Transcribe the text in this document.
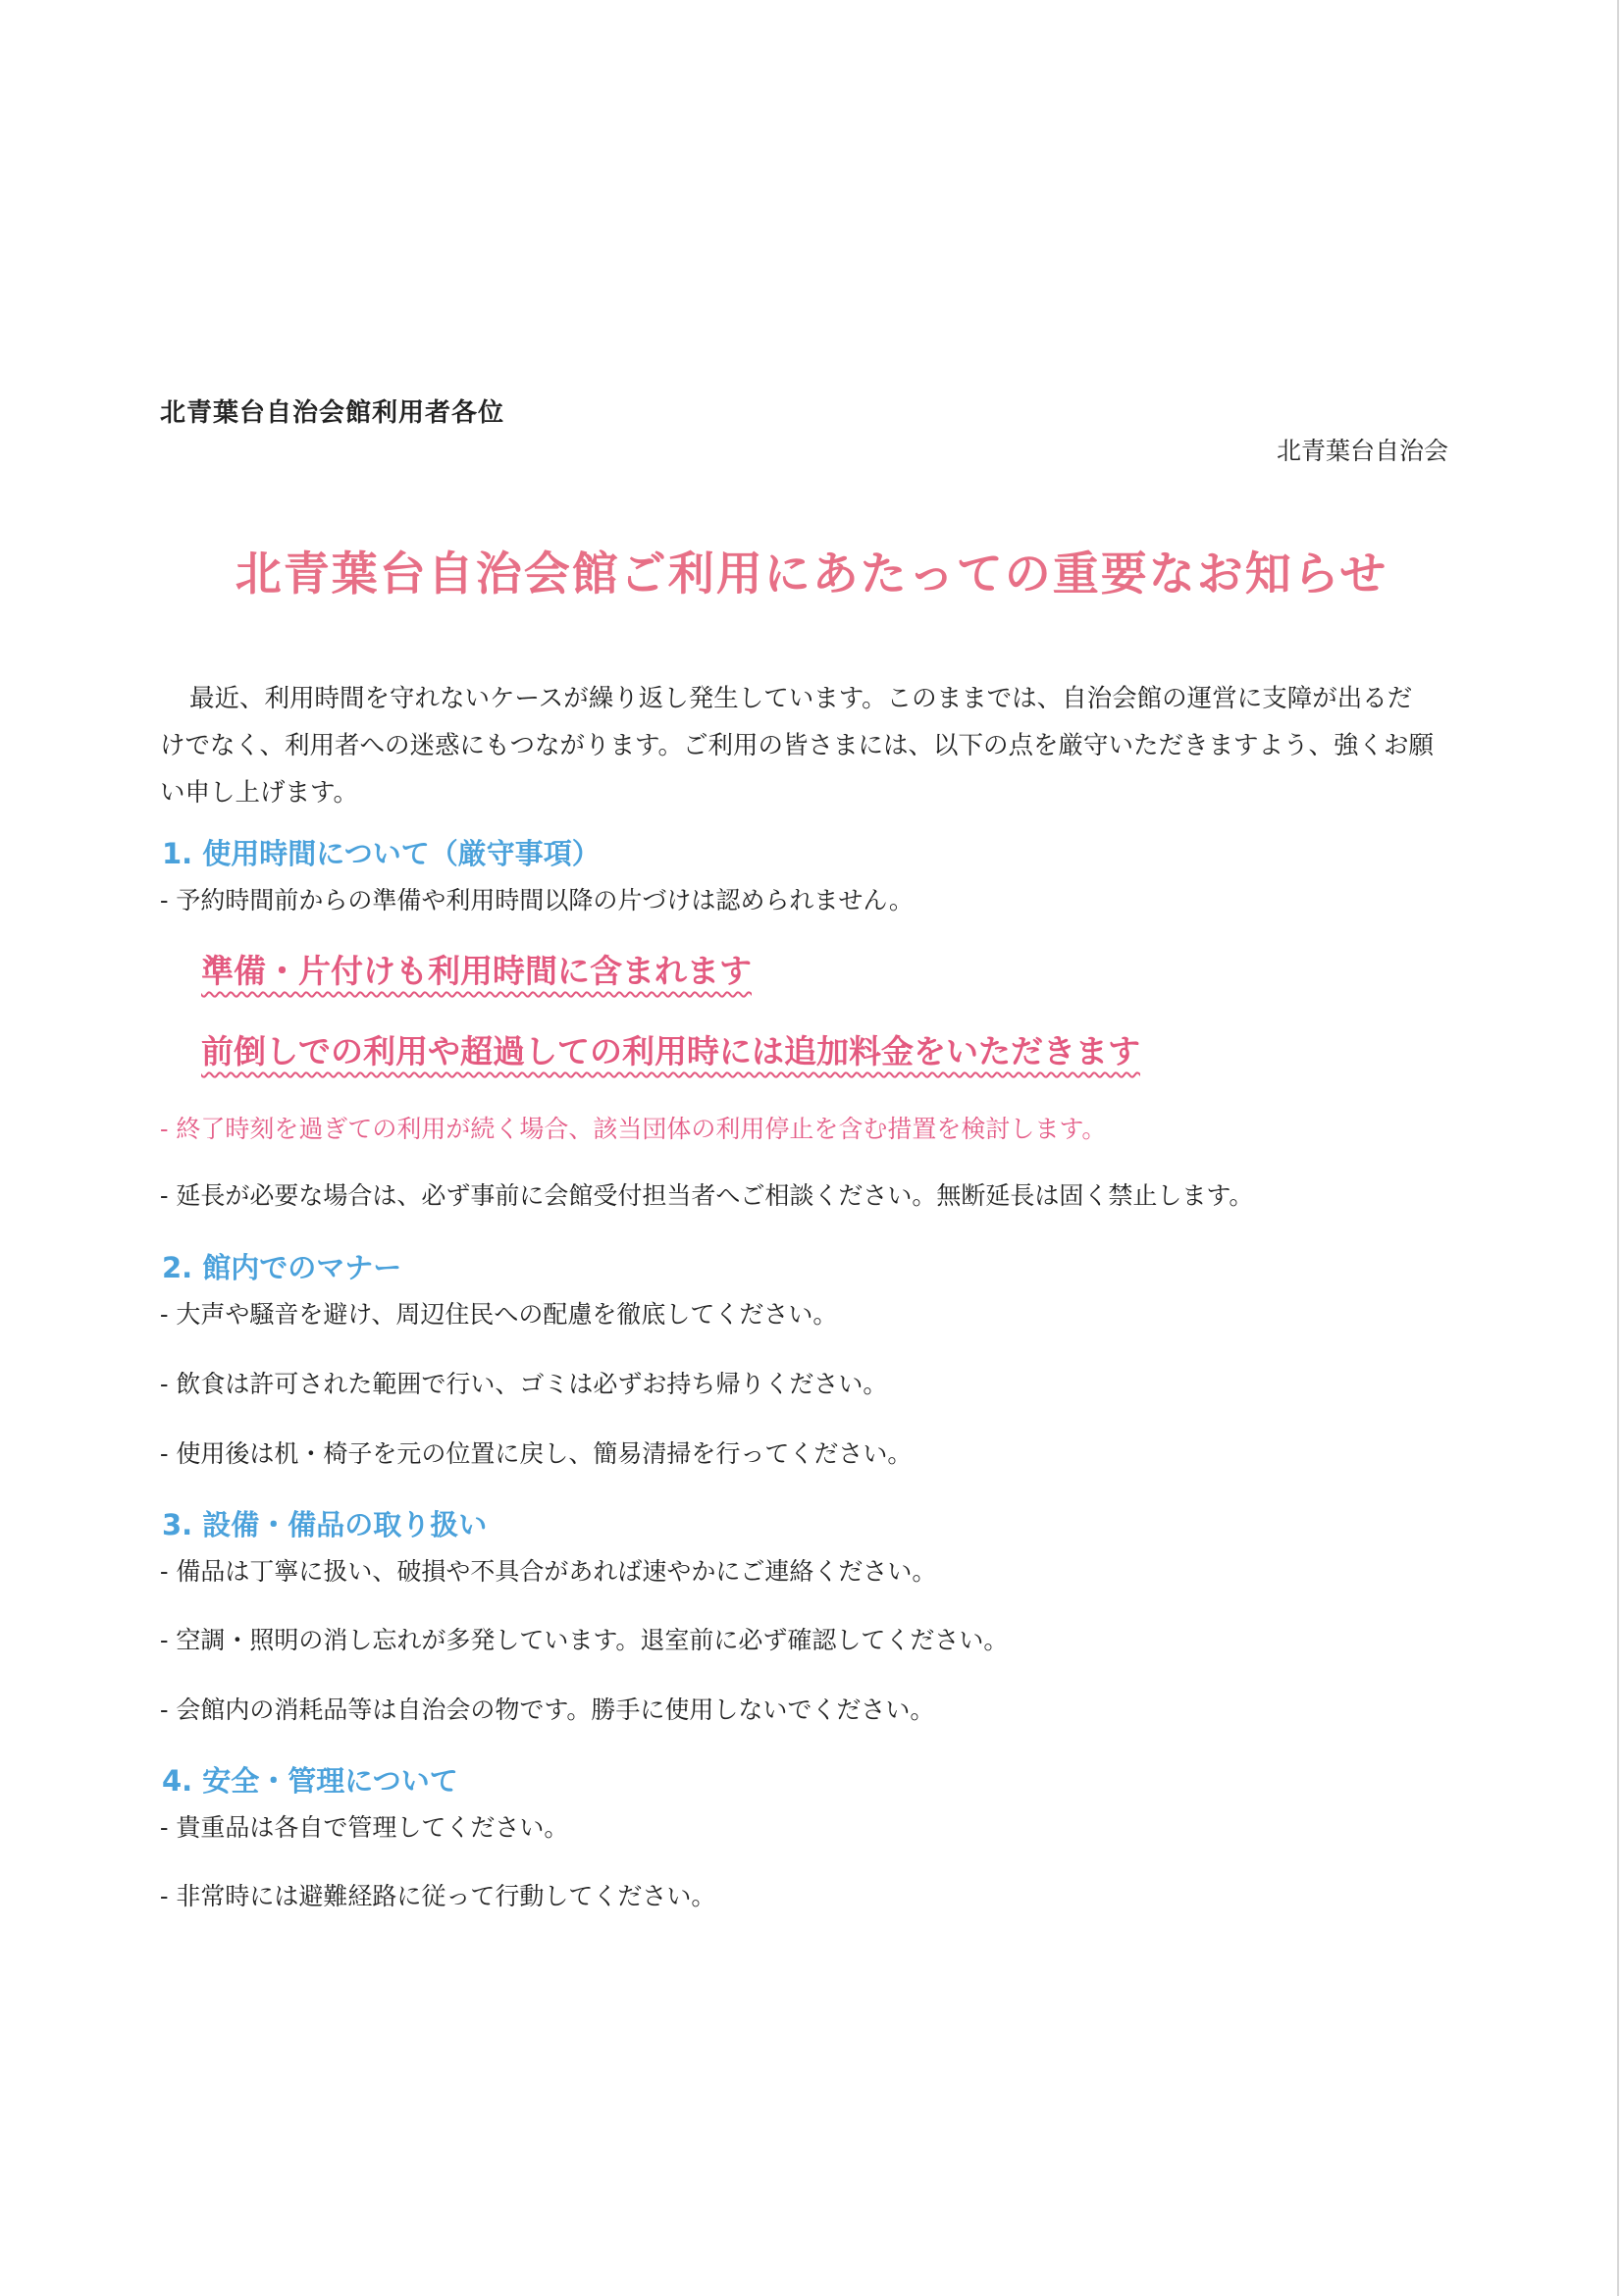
北青葉台自治会館利用者各位
北青葉台自治会
北青葉台自治会館ご利用にあたっての重要なお知らせ
最近、利用時間を守れないケースが繰り返し発生しています。このままでは、自治会館の運営に支障が出るだけでなく、利用者への迷惑にもつながります。ご利用の皆さまには、以下の点を厳守いただきますよう、強くお願い申し上げます。
1. 使用時間について（厳守事項）
- 予約時間前からの準備や利用時間以降の片づけは認められません。
準備・片付けも利用時間に含まれます
前倒しでの利用や超過しての利用時には追加料金をいただきます
- 終了時刻を過ぎての利用が続く場合、該当団体の利用停止を含む措置を検討します。
- 延長が必要な場合は、必ず事前に会館受付担当者へご相談ください。無断延長は固く禁止します。
2. 館内でのマナー
- 大声や騒音を避け、周辺住民への配慮を徹底してください。
- 飲食は許可された範囲で行い、ゴミは必ずお持ち帰りください。
- 使用後は机・椅子を元の位置に戻し、簡易清掃を行ってください。
3. 設備・備品の取り扱い
- 備品は丁寧に扱い、破損や不具合があれば速やかにご連絡ください。
- 空調・照明の消し忘れが多発しています。退室前に必ず確認してください。
- 会館内の消耗品等は自治会の物です。勝手に使用しないでください。
4. 安全・管理について
- 貴重品は各自で管理してください。
- 非常時には避難経路に従って行動してください。
